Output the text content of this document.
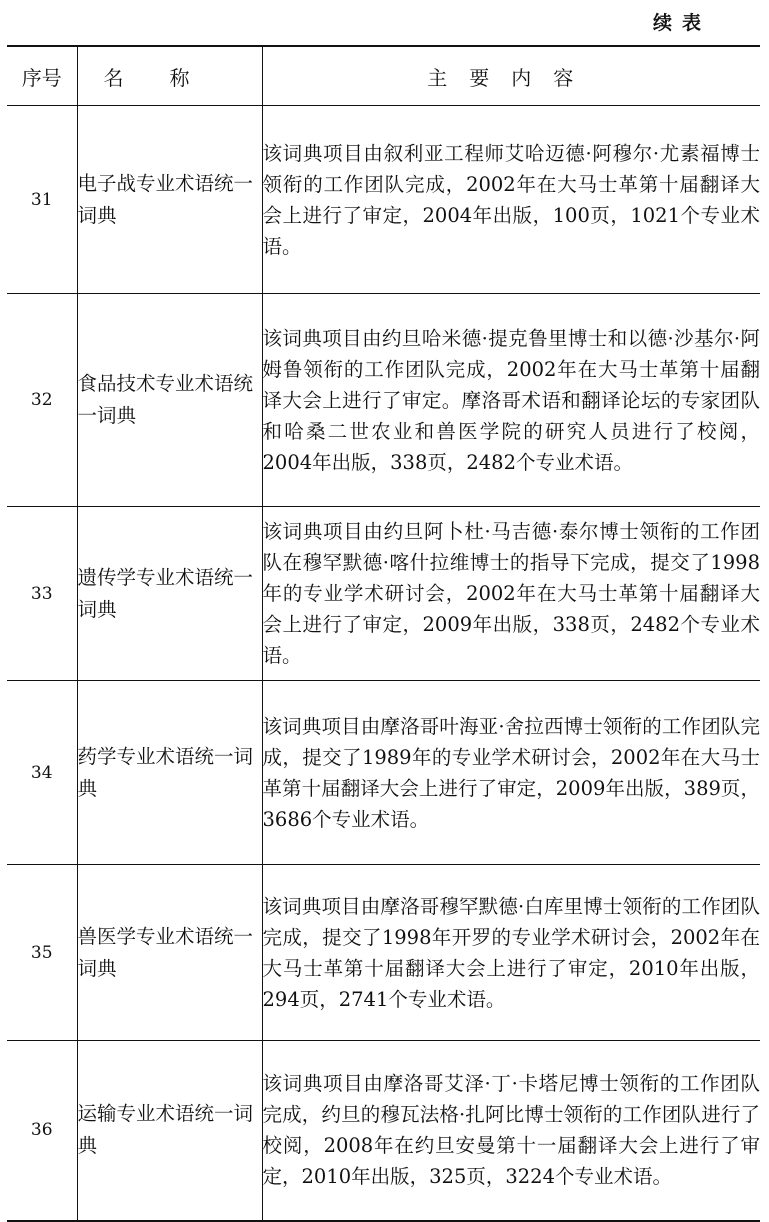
续表
序号	名称	主要内容
31	电子战专业术语统一词典	该词典项目由叙利亚工程师艾哈迈德·阿穆尔·尤素福博士领衔的工作团队完成，2002年在大马士革第十届翻译大会上进行了审定，2004年出版，100页，1021个专业术语。
32	食品技术专业术语统一词典	该词典项目由约旦哈米德·提克鲁里博士和以德·沙基尔·阿姆鲁领衔的工作团队完成，2002年在大马士革第十届翻译大会上进行了审定。摩洛哥术语和翻译论坛的专家团队和哈桑二世农业和兽医学院的研究人员进行了校阅，2004年出版，338页，2482个专业术语。
33	遗传学专业术语统一词典	该词典项目由约旦阿卜杜·马吉德·泰尔博士领衔的工作团队在穆罕默德·喀什拉维博士的指导下完成，提交了1998年的专业学术研讨会，2002年在大马士革第十届翻译大会上进行了审定，2009年出版，338页，2482个专业术语。
34	药学专业术语统一词典	该词典项目由摩洛哥叶海亚·舍拉西博士领衔的工作团队完成，提交了1989年的专业学术研讨会，2002年在大马士革第十届翻译大会上进行了审定，2009年出版，389页，3686个专业术语。
35	兽医学专业术语统一词典	该词典项目由摩洛哥穆罕默德·白库里博士领衔的工作团队完成，提交了1998年开罗的专业学术研讨会，2002年在大马士革第十届翻译大会上进行了审定，2010年出版，294页，2741个专业术语。
36	运输专业术语统一词典	该词典项目由摩洛哥艾泽·丁·卡塔尼博士领衔的工作团队完成，约旦的穆瓦法格·扎阿比博士领衔的工作团队进行了校阅，2008年在约旦安曼第十一届翻译大会上进行了审定，2010年出版，325页，3224个专业术语。
